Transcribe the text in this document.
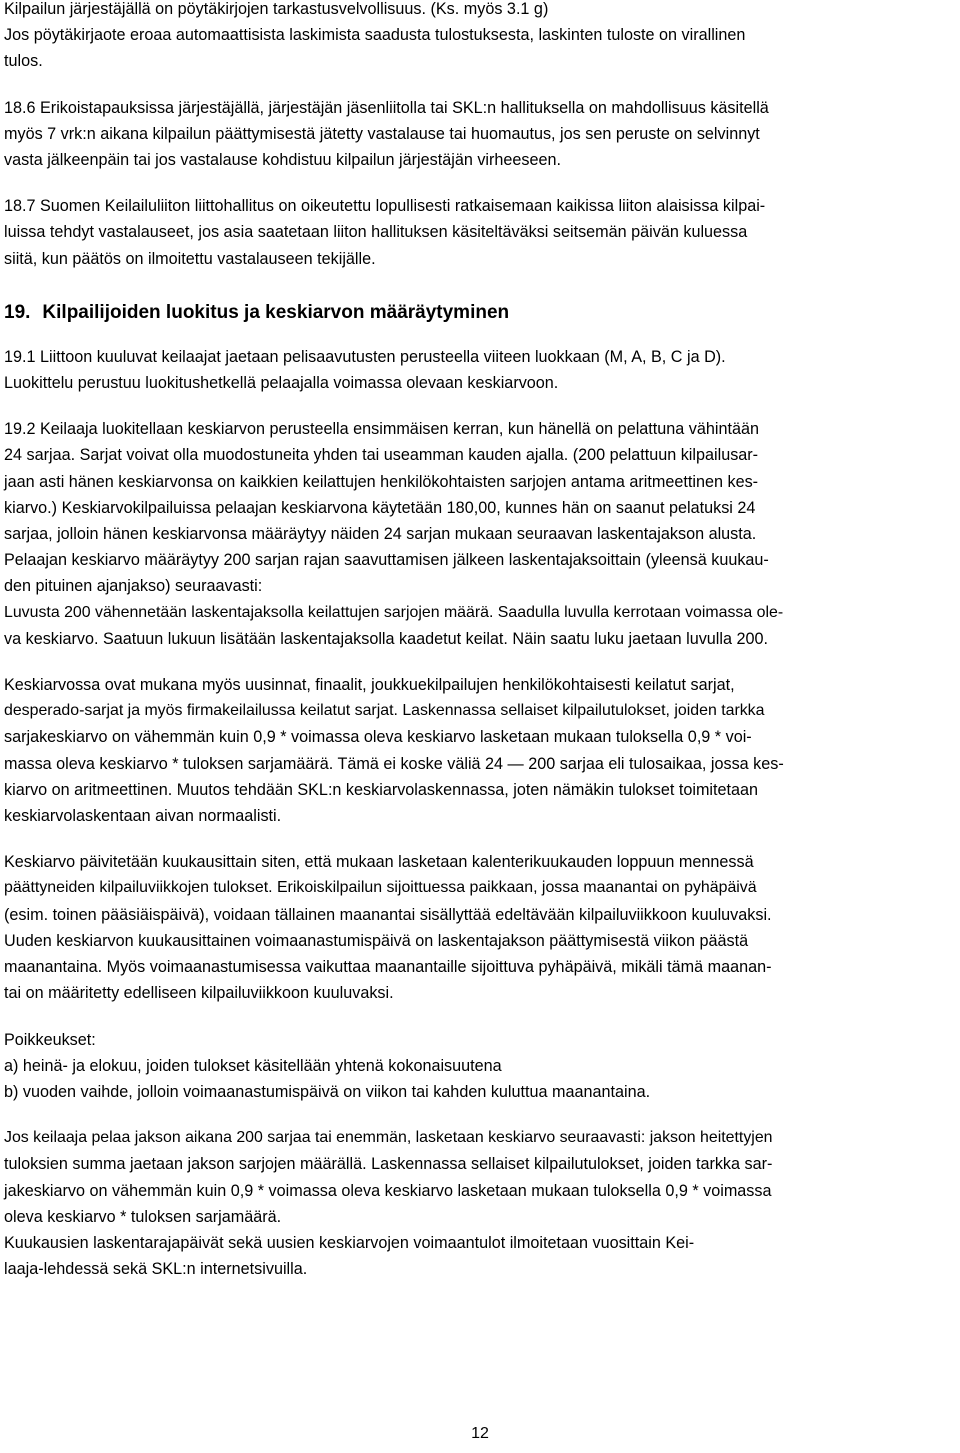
Kilpailun järjestäjällä on pöytäkirjojen tarkastusvelvollisuus. (Ks. myös 3.1 g)
Jos pöytäkirjaote eroaa automaattisista laskimista saadusta tulostuksesta, laskinten tuloste on virallinen
tulos.
18.6 Erikoistapauksissa järjestäjällä, järjestäjän jäsenliitolla tai SKL:n hallituksella on mahdollisuus käsitellä
myös 7 vrk:n aikana kilpailun päättymisestä jätetty vastalause tai huomautus, jos sen peruste on selvinnyt
vasta jälkeenpäin tai jos vastalause kohdistuu kilpailun järjestäjän virheeseen.
18.7 Suomen Keilailuliiton liittohallitus on oikeutettu lopullisesti ratkaisemaan kaikissa liiton alaisissa kilpai-
luissa tehdyt vastalauseet, jos asia saatetaan liiton hallituksen käsiteltäväksi seitsemän päivän kuluessa
siitä, kun päätös on ilmoitettu vastalauseen tekijälle.
19. Kilpailijoiden luokitus ja keskiarvon määräytyminen
19.1 Liittoon kuuluvat keilaajat jaetaan pelisaavutusten perusteella viiteen luokkaan (M, A, B, C ja D).
Luokittelu perustuu luokitushetkellä pelaajalla voimassa olevaan keskiarvoon.
19.2 Keilaaja luokitellaan keskiarvon perusteella ensimmäisen kerran, kun hänellä on pelattuna vähintään
24 sarjaa. Sarjat voivat olla muodostuneita yhden tai useamman kauden ajalla. (200 pelattuun kilpailusar-
jaan asti hänen keskiarvonsa on kaikkien keilattujen henkilökohtaisten sarjojen antama aritmeettinen kes-
kiarvo.) Keskiarvokilpailuissa pelaajan keskiarvona käytetään 180,00, kunnes hän on saanut pelatuksi 24
sarjaa, jolloin hänen keskiarvonsa määräytyy näiden 24 sarjan mukaan seuraavan laskentajakson alusta.
Pelaajan keskiarvo määräytyy 200 sarjan rajan saavuttamisen jälkeen laskentajaksoittain (yleensä kuukau-
den pituinen ajanjakso) seuraavasti:
Luvusta 200 vähennetään laskentajaksolla keilattujen sarjojen määrä. Saadulla luvulla kerrotaan voimassa ole-
va keskiarvo. Saatuun lukuun lisätään laskentajaksolla kaadetut keilat. Näin saatu luku jaetaan luvulla 200.
Keskiarvossa ovat mukana myös uusinnat, finaalit, joukkuekilpailujen henkilökohtaisesti keilatut sarjat,
desperado-sarjat ja myös firmakeilailussa keilatut sarjat. Laskennassa sellaiset kilpailutulokset, joiden tarkka
sarjakeskiarvo on vähemmän kuin 0,9 * voimassa oleva keskiarvo lasketaan mukaan tuloksella 0,9 * voi-
massa oleva keskiarvo * tuloksen sarjamäärä. Tämä ei koske väliä 24 — 200 sarjaa eli tulosaikaa, jossa kes-
kiarvo on aritmeettinen. Muutos tehdään SKL:n keskiarvolaskennassa, joten nämäkin tulokset toimitetaan
keskiarvolaskentaan aivan normaalisti.
Keskiarvo päivitetään kuukausittain siten, että mukaan lasketaan kalenterikuukauden loppuun mennessä
päättyneiden kilpailuviikkojen tulokset. Erikoiskilpailun sijoittuessa paikkaan, jossa maanantai on pyhäpäivä
(esim. toinen pääsiäispäivä), voidaan tällainen maanantai sisällyttää edeltävään kilpailuviikkoon kuuluvaksi.
Uuden keskiarvon kuukausittainen voimaanastumispäivä on laskentajakson päättymisestä viikon päästä
maanantaina. Myös voimaanastumisessa vaikuttaa maanantaille sijoittuva pyhäpäivä, mikäli tämä maanan-
tai on määritetty edelliseen kilpailuviikkoon kuuluvaksi.
Poikkeukset:
a) heinä- ja elokuu, joiden tulokset käsitellään yhtenä kokonaisuutena
b) vuoden vaihde, jolloin voimaanastumispäivä on viikon tai kahden kuluttua maanantaina.
Jos keilaaja pelaa jakson aikana 200 sarjaa tai enemmän, lasketaan keskiarvo seuraavasti: jakson heitettyjen
tuloksien summa jaetaan jakson sarjojen määrällä. Laskennassa sellaiset kilpailutulokset, joiden tarkka sar-
jakeskiarvo on vähemmän kuin 0,9 * voimassa oleva keskiarvo lasketaan mukaan tuloksella 0,9 * voimassa
oleva keskiarvo * tuloksen sarjamäärä.
Kuukausien laskentarajapäivät sekä uusien keskiarvojen voimaantulot ilmoitetaan vuosittain Kei-
laaja-lehdessä sekä SKL:n internetsivuilla.
12
